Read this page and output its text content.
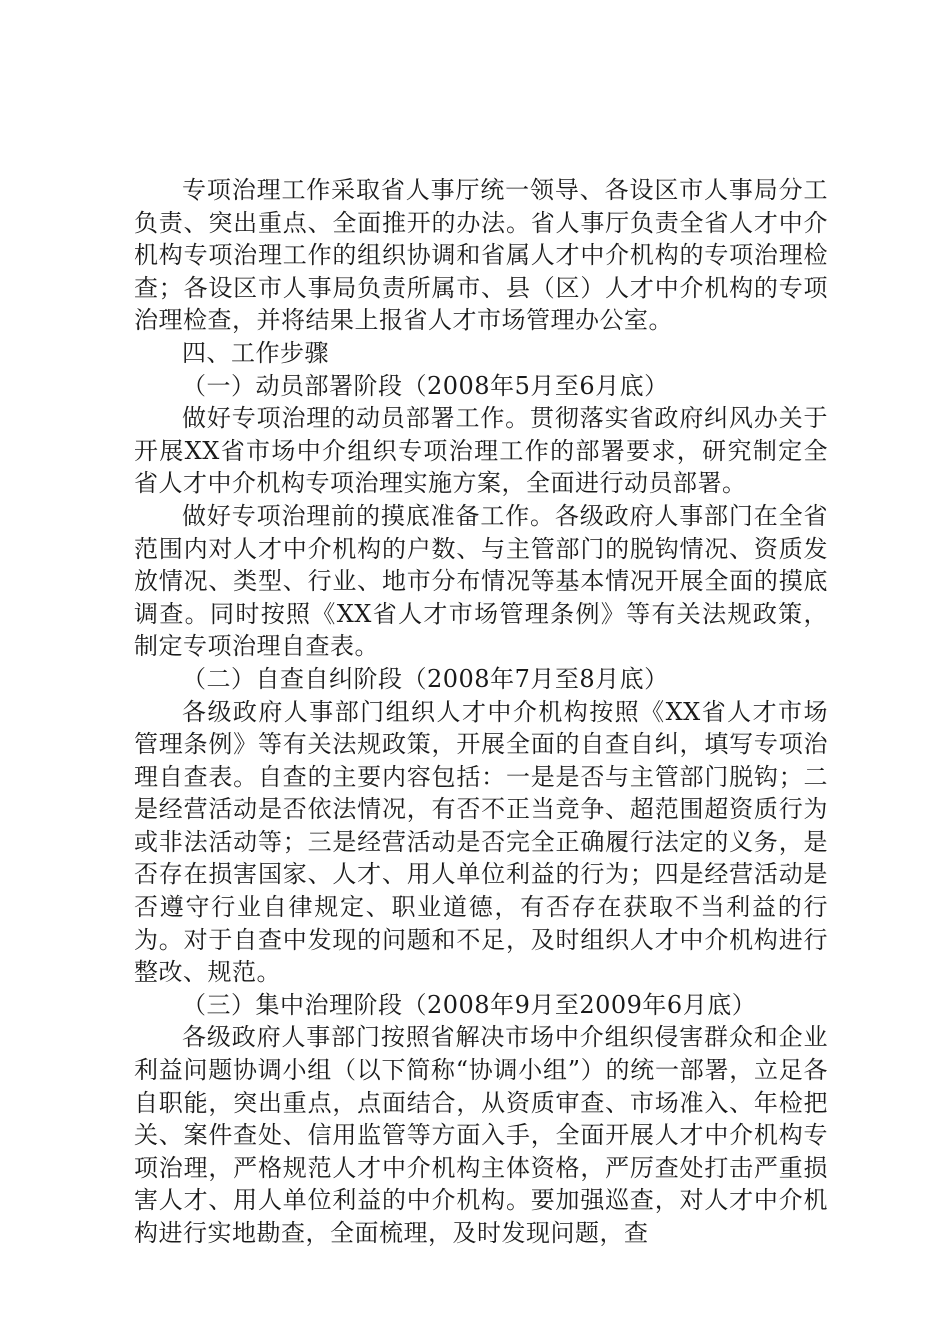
专项治理工作采取省人事厅统一领导、各设区市人事局分工负责、突出重点、全面推开的办法。省人事厅负责全省人才中介机构专项治理工作的组织协调和省属人才中介机构的专项治理检查；各设区市人事局负责所属市、县（区）人才中介机构的专项治理检查，并将结果上报省人才市场管理办公室。

四、工作步骤

（一）动员部署阶段（2008年5月至6月底）

做好专项治理的动员部署工作。贯彻落实省政府纠风办关于开展XX省市场中介组织专项治理工作的部署要求，研究制定全省人才中介机构专项治理实施方案，全面进行动员部署。

做好专项治理前的摸底准备工作。各级政府人事部门在全省范围内对人才中介机构的户数、与主管部门的脱钩情况、资质发放情况、类型、行业、地市分布情况等基本情况开展全面的摸底调查。同时按照《XX省人才市场管理条例》等有关法规政策，制定专项治理自查表。

（二）自查自纠阶段（2008年7月至8月底）

各级政府人事部门组织人才中介机构按照《XX省人才市场管理条例》等有关法规政策，开展全面的自查自纠，填写专项治理自查表。自查的主要内容包括：一是是否与主管部门脱钩；二是经营活动是否依法情况，有否不正当竞争、超范围超资质行为或非法活动等；三是经营活动是否完全正确履行法定的义务，是否存在损害国家、人才、用人单位利益的行为；四是经营活动是否遵守行业自律规定、职业道德，有否存在获取不当利益的行为。对于自查中发现的问题和不足，及时组织人才中介机构进行整改、规范。

（三）集中治理阶段（2008年9月至2009年6月底）

各级政府人事部门按照省解决市场中介组织侵害群众和企业利益问题协调小组（以下简称“协调小组”）的统一部署，立足各自职能，突出重点，点面结合，从资质审查、市场准入、年检把关、案件查处、信用监管等方面入手，全面开展人才中介机构专项治理，严格规范人才中介机构主体资格，严厉查处打击严重损害人才、用人单位利益的中介机构。要加强巡查，对人才中介机构进行实地勘查，全面梳理，及时发现问题，查
